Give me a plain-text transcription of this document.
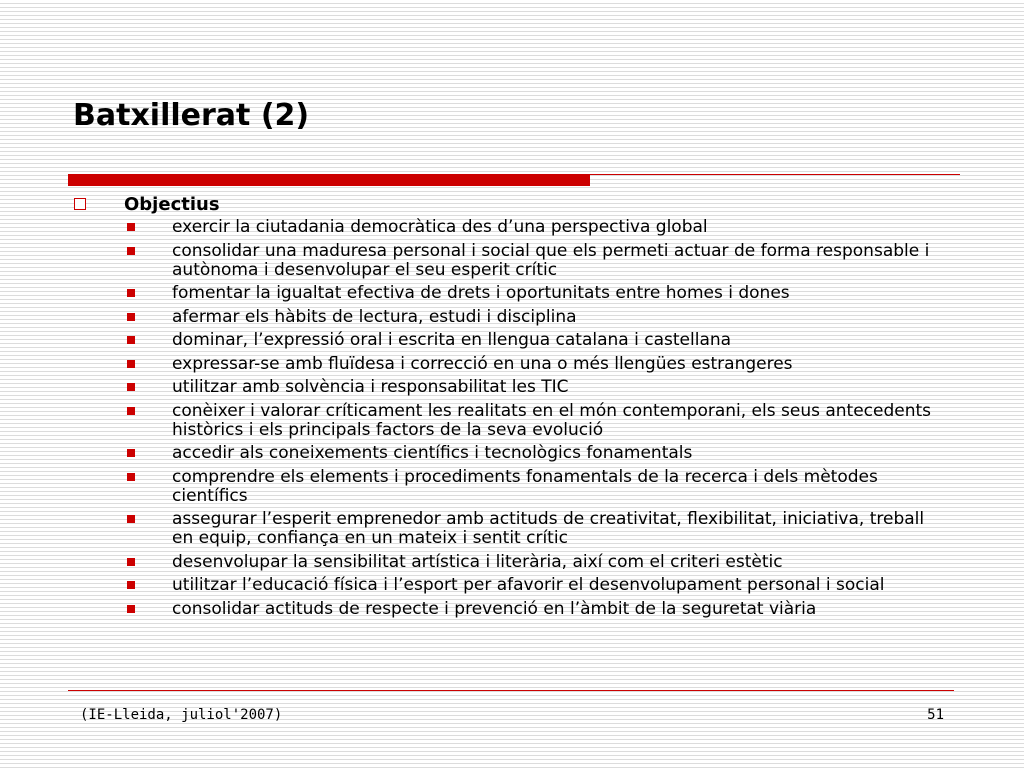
Batxillerat (2)
Objectius
exercir la ciutadania democràtica des d’una perspectiva global
consolidar una maduresa personal i social que els permeti actuar de forma responsable i autònoma i desenvolupar el seu esperit crític
fomentar la igualtat efectiva de drets i oportunitats entre homes i dones
afermar els hàbits de lectura, estudi i disciplina
dominar, l’expressió oral i escrita en llengua catalana i castellana
expressar-se amb fluïdesa i correcció en una o més llengües estrangeres
utilitzar amb solvència i responsabilitat les TIC
conèixer i valorar críticament les realitats en el món contemporani, els seus antecedents històrics i els principals factors de la seva evolució
accedir als coneixements científics i tecnològics fonamentals
comprendre els elements i procediments fonamentals de la recerca i dels mètodes científics
assegurar l’esperit emprenedor amb actituds de creativitat, flexibilitat, iniciativa, treball en equip, confiança en un mateix i sentit crític
desenvolupar la sensibilitat artística i literària, així com el criteri estètic
utilitzar l’educació física i l’esport per afavorir el desenvolupament personal i social
consolidar actituds de respecte i prevenció en l’àmbit de la seguretat viària
(IE-Lleida, juliol'2007)	51
